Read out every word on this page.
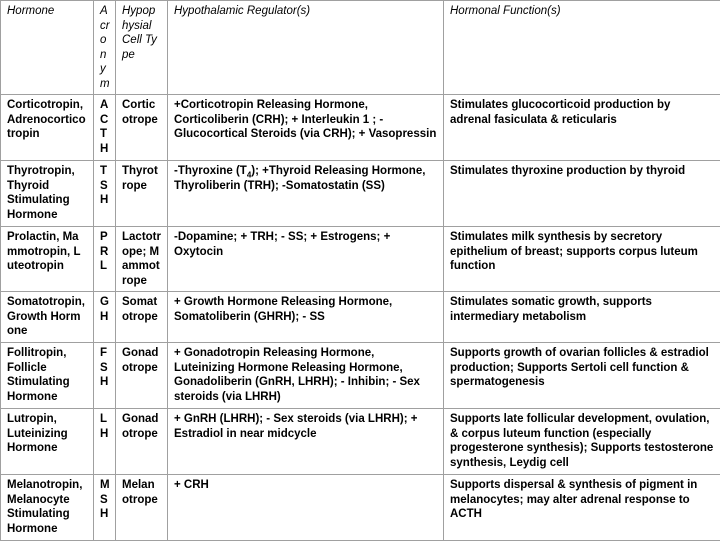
Hormone	Acronym	Hypophysial Cell Type	Hypothalamic Regulator(s)	Hormonal Function(s)
Corticotropin, Adrenocorticotropin	ACTH	Corticotrope	+Corticotropin Releasing Hormone, Corticoliberin (CRH); + Interleukin 1 ; - Glucocortical Steroids (via CRH); + Vasopressin	Stimulates glucocorticoid production by adrenal fasiculata & reticularis
Thyrotropin, Thyroid Stimulating Hormone	TSH	Thyrotrope	-Thyroxine $(T_4)$; +Thyroid Releasing Hormone, Thyroliberin (TRH); -Somatostatin (SS)	Stimulates thyroxine production by thyroid
Prolactin, Mammotropin, Luteotropin	PRL	Lactotrope; Mammotrope	-Dopamine; + TRH; - SS; + Estrogens; + Oxytocin	Stimulates milk synthesis by secretory epithelium of breast; supports corpus luteum function
Somatotropin, Growth Hormone	GH	Somatotrope	+ Growth Hormone Releasing Hormone, Somatoliberin (GHRH); - SS	Stimulates somatic growth, supports intermediary metabolism
Follitropin, Follicle Stimulating Hormone	FSH	Gonadotrope	+ Gonadotropin Releasing Hormone, Luteinizing Hormone Releasing Hormone, Gonadoliberin (GnRH, LHRH); - Inhibin; - Sex steroids (via LHRH)	Supports growth of ovarian follicles & estradiol production; Supports Sertoli cell function & spermatogenesis
Lutropin, Luteinizing Hormone	LH	Gonadotrope	+ GnRH (LHRH); - Sex steroids (via LHRH); + Estradiol in near midcycle	Supports late follicular development, ovulation, & corpus luteum function (especially progesterone synthesis); Supports testosterone synthesis, Leydig cell
Melanotropin, Melanocyte Stimulating Hormone	MSH	Melanotrope	+ CRH	Supports dispersal & synthesis of pigment in melanocytes; may alter adrenal response to ACTH
